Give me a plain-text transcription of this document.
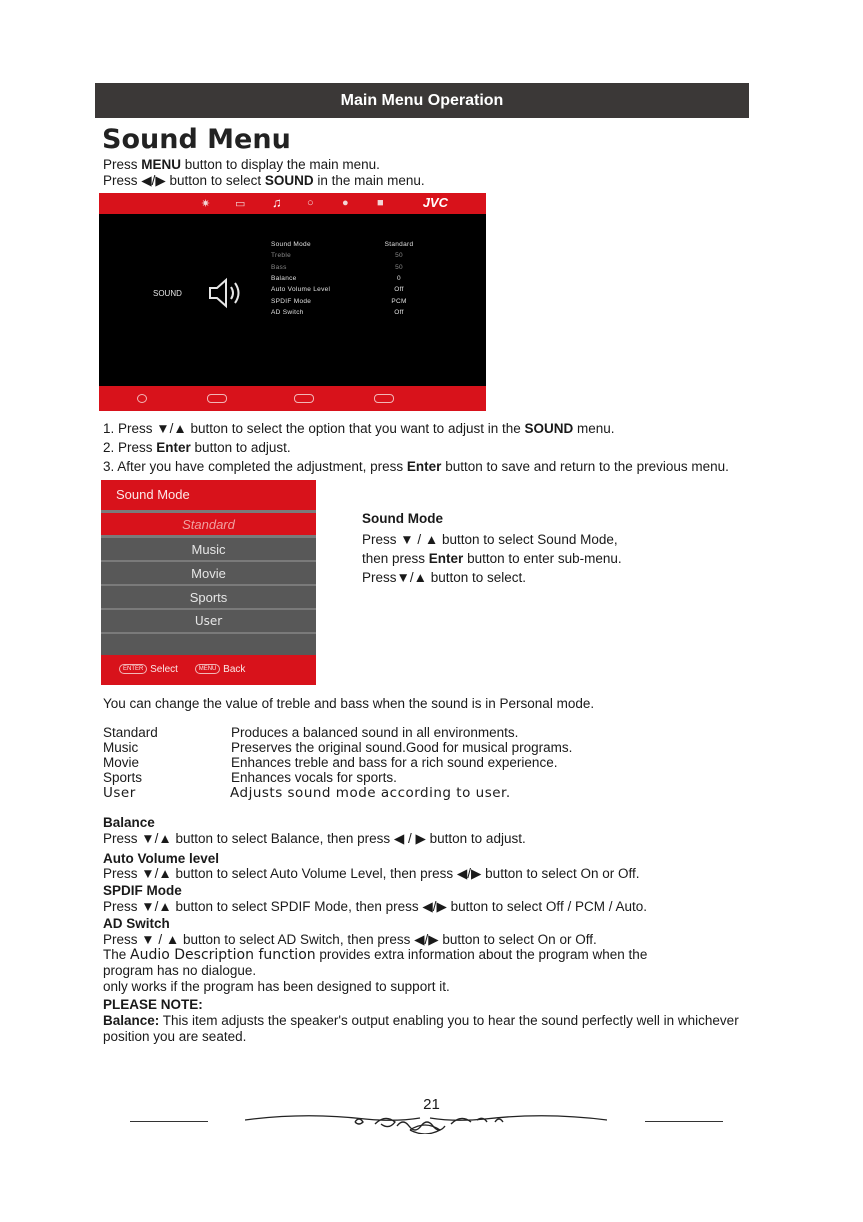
Main Menu Operation
Sound Menu
Press MENU button to display the main menu.
Press ◀/▶ button to select SOUND in the main menu.
✷ ▭ ♫ ○	●	■	JVC
SOUND
Sound Mode	Standard
Treble	50
Bass	50
Balance	0
Auto Volume Level	Off
SPDIF Mode	PCM
AD Switch	Off
1. Press ▼/▲ button to select the option that you want to adjust in the SOUND menu.
2. Press Enter button to adjust.
3. After you have completed the adjustment, press Enter button to save and return to the previous menu.
Sound Mode
Standard
Music
Movie
Sports
User
ENTER Select	MENU Back
Sound Mode
Press ▼ / ▲ button to select Sound Mode,
then press Enter button to enter sub-menu.
Press▼/▲ button to select.
You can change the value of treble and bass when the sound is in Personal mode.
Standard	Produces a balanced sound in all environments.
Music	Preserves the original sound.Good for musical programs.
Movie	Enhances treble and bass for a rich sound experience.
Sports	Enhances vocals for sports.
User	Adjusts sound mode according to user.
Balance
Press ▼/▲ button to select Balance, then press ◀ / ▶ button to adjust.
Auto Volume level
Press ▼/▲ button to select Auto Volume Level, then press ◀/▶ button to select On or Off.
SPDIF Mode
Press ▼/▲ button to select SPDIF Mode, then press ◀/▶ button to select Off / PCM / Auto.
AD Switch
Press ▼ / ▲ button to select AD Switch, then press ◀/▶ button to select On or Off.
The Audio Description function provides extra information about the program when the
program has no dialogue.
only works if the program has been designed to support it.
PLEASE NOTE:
Balance: This item adjusts the speaker's output enabling you to hear the sound perfectly well in whichever
position you are seated.
21
